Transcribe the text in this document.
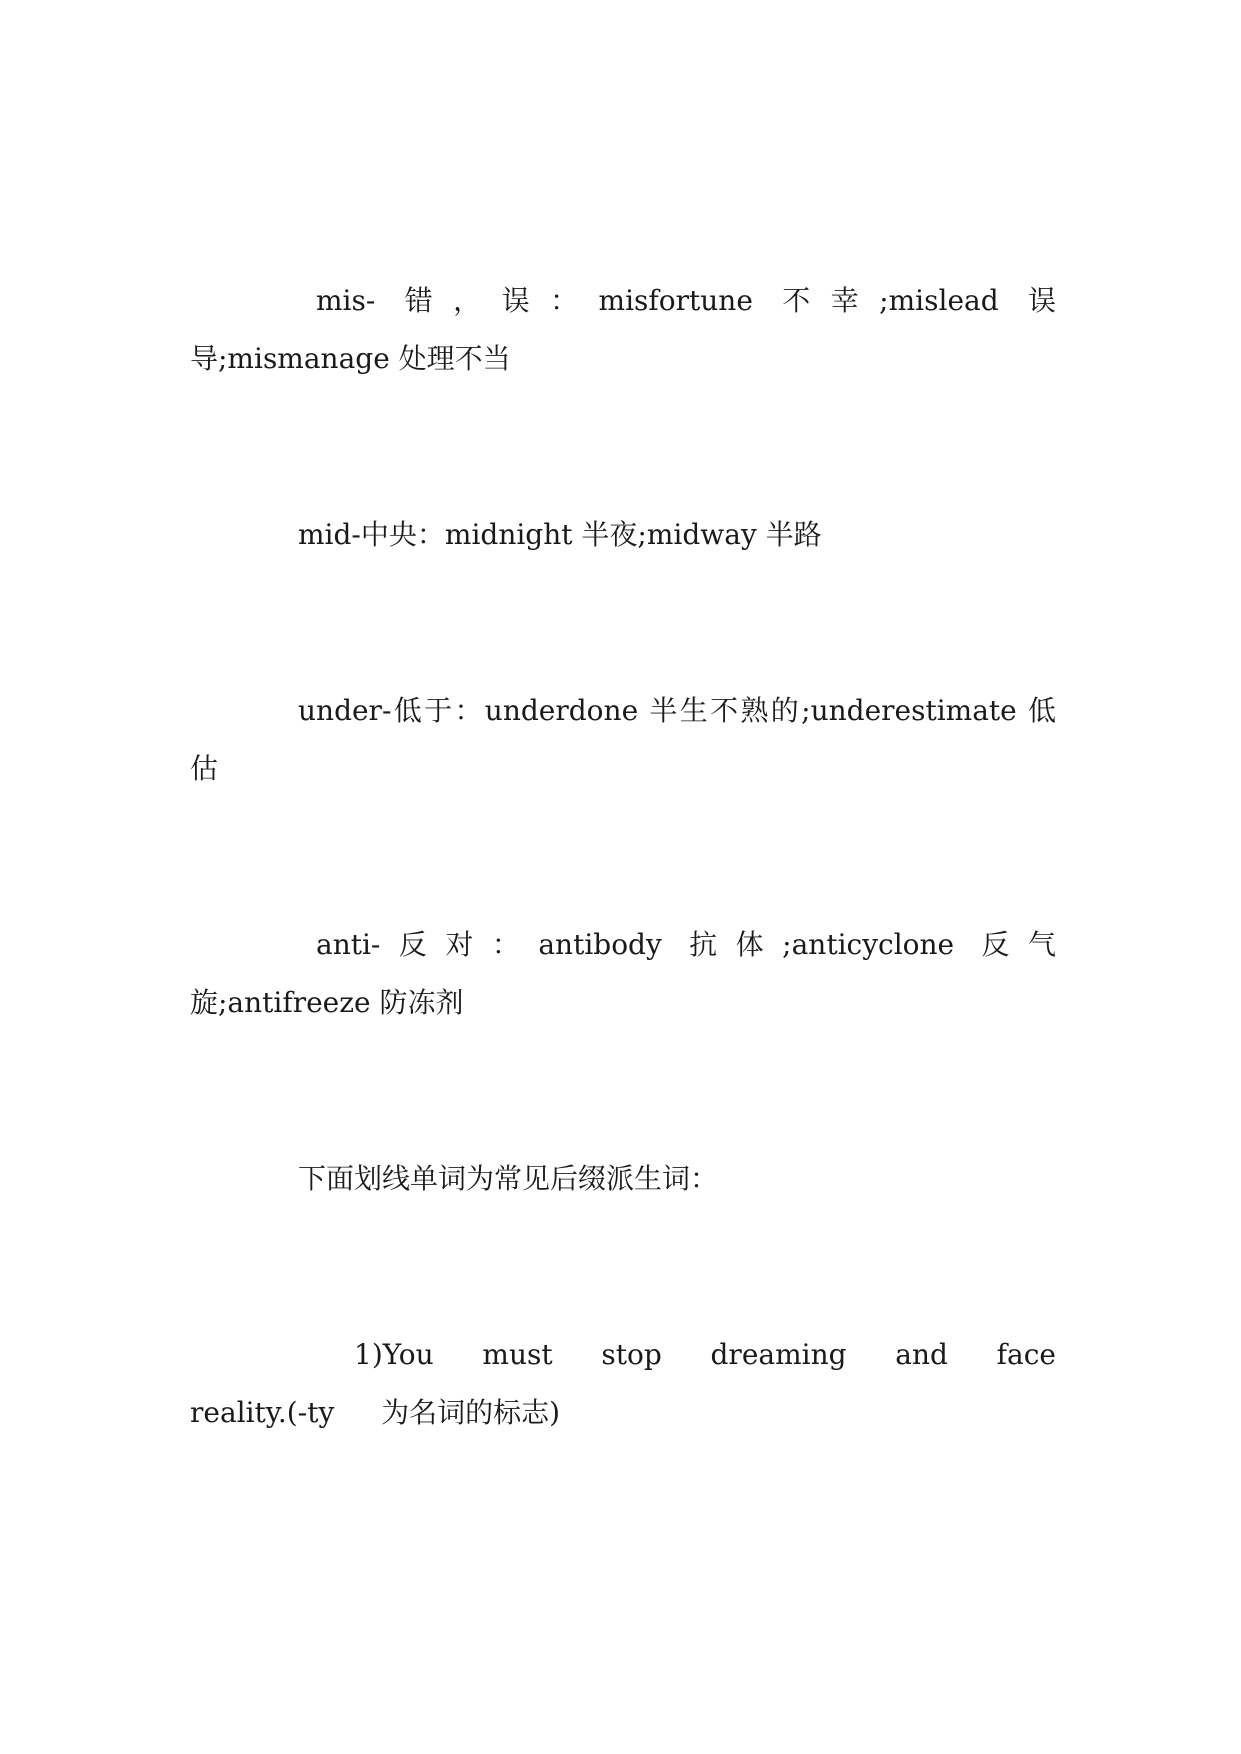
mis- 错，误：misfortune 不幸;mislead 误导;mismanage 处理不当

mid-中央：midnight 半夜;midway 半路

under-低于：underdone 半生不熟的;underestimate 低估

anti-反对：antibody 抗体;anticyclone 反气旋;antifreeze 防冻剂

下面划线单词为常见后缀派生词：

1)You must stop dreaming and face reality.(-ty 为名词的标志)
